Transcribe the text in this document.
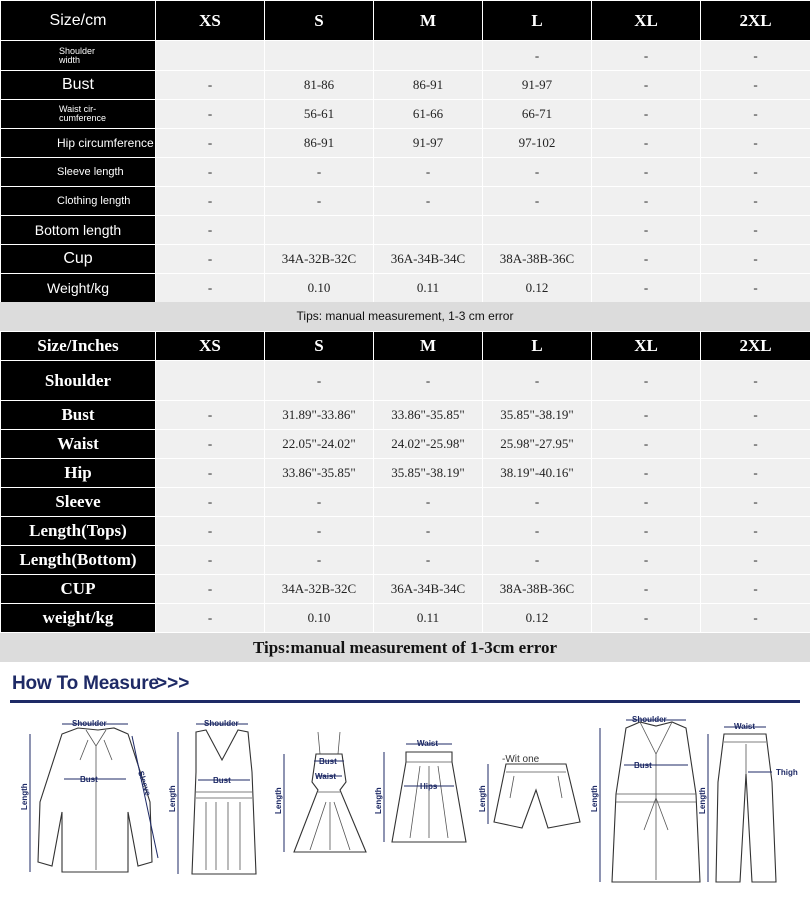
Size/cm	XS	S	M	L	XL	2XL
Shoulder
width				-	-	-
Bust	-	81-86	86-91	91-97	-	-
Waist cir-
cumference	-	56-61	61-66	66-71	-	-
Hip circumference	-	86-91	91-97	97-102	-	-
Sleeve length	-	-	-	-	-	-
Clothing length	-	-	-	-	-	-
Bottom length	-				-	-
Cup	-	34A-32B-32C	36A-34B-34C	38A-38B-36C	-	-
Weight/kg	-	0.10	0.11	0.12	-	-
Tips: manual measurement, 1-3 cm error
Size/Inches	XS	S	M	L	XL	2XL
Shoulder		-	-	-	-	-
Bust	-	31.89"-33.86"	33.86"-35.85"	35.85"-38.19"	-	-
Waist	-	22.05"-24.02"	24.02"-25.98"	25.98"-27.95"	-	-
Hip	-	33.86"-35.85"	35.85"-38.19"	38.19"-40.16"	-	-
Sleeve	-	-	-	-	-	-
Length(Tops)	-	-	-	-	-	-
Length(Bottom)	-	-	-	-	-	-
CUP	-	34A-32B-32C	36A-34B-34C	38A-38B-36C	-	-
weight/kg	-	0.10	0.11	0.12	-	-
Tips:manual measurement of 1-3cm error
How To Measure
>>>
Shoulder
Bust
Length	Sleeve
Shoulder
Bust
Length
Bust
Waist
Length
Waist
Hips
Length
-Wit one
Length
Shoulder
Bust
Length
Waist
Thigh
Length
